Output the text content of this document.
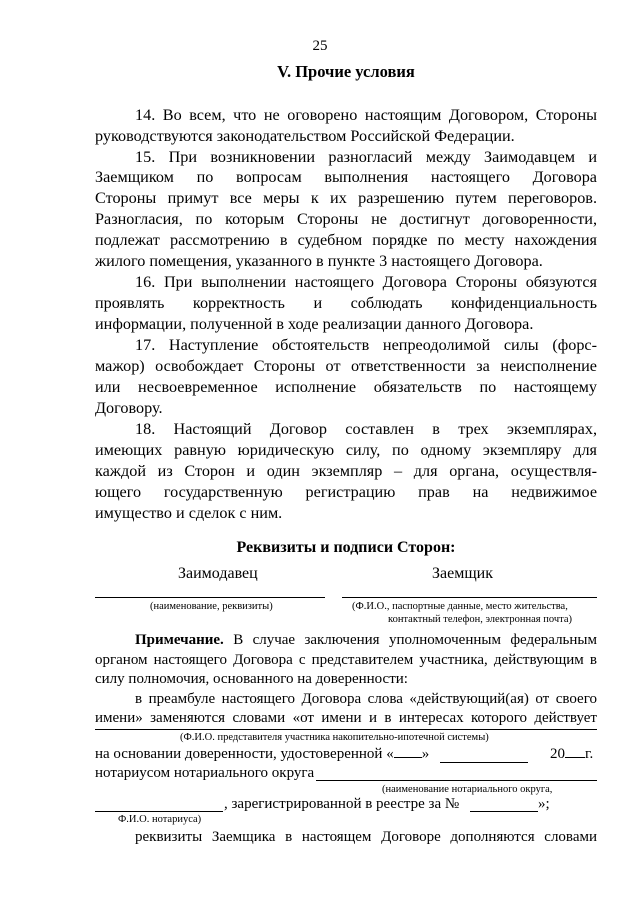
25
V. Прочие условия
14. Во всем, что не оговорено настоящим Договором, Стороны
руководствуются законодательством Российской Федерации.
15. При возникновении разногласий между Заимодавцем и
Заемщиком по вопросам выполнения настоящего Договора
Стороны примут все меры к их разрешению путем переговоров.
Разногласия, по которым Стороны не достигнут договоренности,
подлежат рассмотрению в судебном порядке по месту нахождения
жилого помещения, указанного в пункте 3 настоящего Договора.
16. При выполнении настоящего Договора Стороны обязуются
проявлять корректность и соблюдать конфиденциальность
информации, полученной в ходе реализации данного Договора.
17. Наступление обстоятельств непреодолимой силы (форс-
мажор) освобождает Стороны от ответственности за неисполнение
или несвоевременное исполнение обязательств по настоящему
Договору.
18. Настоящий Договор составлен в трех экземплярах,
имеющих равную юридическую силу, по одному экземпляру для
каждой из Сторон и один экземпляр – для органа, осуществля-
ющего государственную регистрацию прав на недвижимое
имущество и сделок с ним.
Реквизиты и подписи Сторон:
Заимодавец	Заемщик
(наименование, реквизиты)	(Ф.И.О., паспортные данные, место жительства,
контактный телефон, электронная почта)
Примечание. В случае заключения уполномоченным федеральным
органом настоящего Договора с представителем участника, действующим в
силу полномочия, основанного на доверенности:
в преамбуле настоящего Договора слова «действующий(ая) от своего
имени» заменяются словами «от имени и в интересах которого действует
(Ф.И.О. представителя участника накопительно-ипотечной системы)
на основании доверенности, удостоверенной « »	20 г.
нотариусом нотариального округа
(наименование нотариального округа,
, зарегистрированной в реестре за №	»;
Ф.И.О. нотариуса)
реквизиты Заемщика в настоящем Договоре дополняются словами
